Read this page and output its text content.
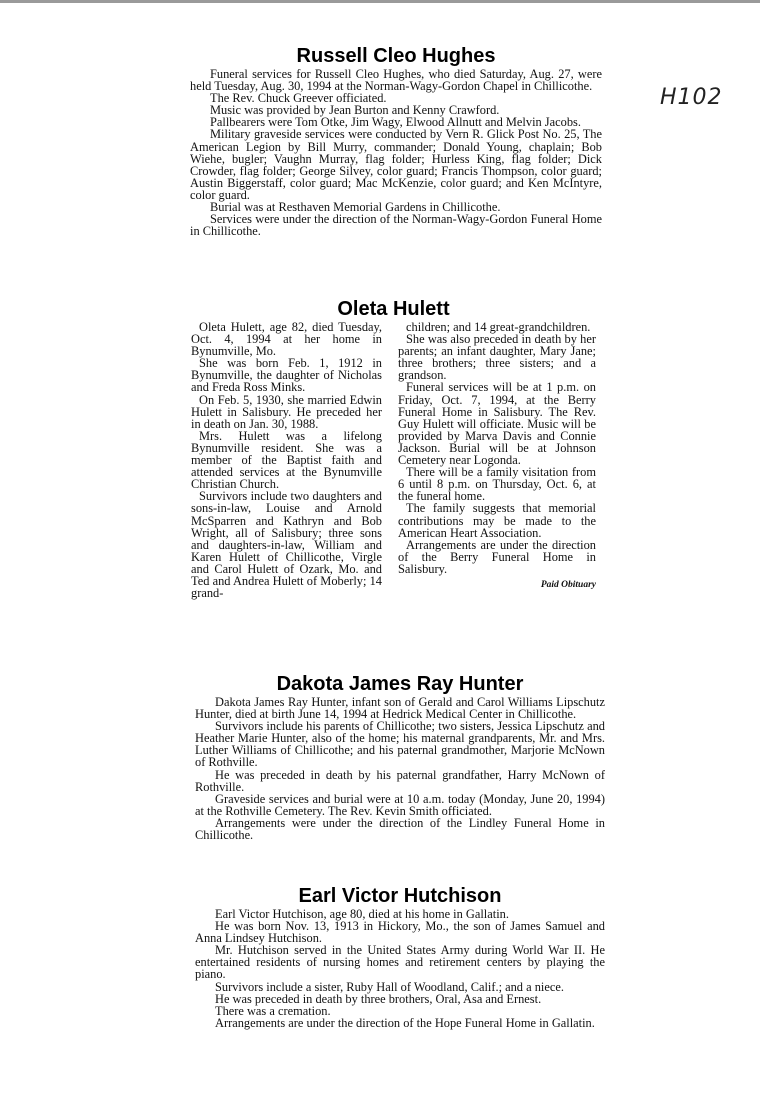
H102
Russell Cleo Hughes

Funeral services for Russell Cleo Hughes, who died Saturday, Aug. 27, were held Tuesday, Aug. 30, 1994 at the Norman-Wagy-Gordon Chapel in Chillicothe.

The Rev. Chuck Greever officiated.

Music was provided by Jean Burton and Kenny Crawford.

Pallbearers were Tom Otke, Jim Wagy, Elwood Allnutt and Melvin Jacobs.

Military graveside services were conducted by Vern R. Glick Post No. 25, The American Legion by Bill Murry, commander; Donald Young, chaplain; Bob Wiehe, bugler; Vaughn Murray, flag folder; Hurless King, flag folder; Dick Crowder, flag folder; George Silvey, color guard; Francis Thompson, color guard; Austin Biggerstaff, color guard; Mac McKenzie, color guard; and Ken McIntyre, color guard.

Burial was at Resthaven Memorial Gardens in Chillicothe.

Services were under the direction of the Norman-Wagy-Gordon Funeral Home in Chillicothe.

Oleta Hulett

Oleta Hulett, age 82, died Tuesday, Oct. 4, 1994 at her home in Bynumville, Mo.

She was born Feb. 1, 1912 in Bynumville, the daughter of Nicholas and Freda Ross Minks.

On Feb. 5, 1930, she married Edwin Hulett in Salisbury. He preceded her in death on Jan. 30, 1988.

Mrs. Hulett was a lifelong Bynumville resident. She was a member of the Baptist faith and attended services at the Bynumville Christian Church.

Survivors include two daughters and sons-in-law, Louise and Arnold McSparren and Kathryn and Bob Wright, all of Salisbury; three sons and daughters-in-law, William and Karen Hulett of Chillicothe, Virgle and Carol Hulett of Ozark, Mo. and Ted and Andrea Hulett of Moberly; 14 grand-

children; and 14 great-grandchildren.

She was also preceded in death by her parents; an infant daughter, Mary Jane; three brothers; three sisters; and a grandson.

Funeral services will be at 1 p.m. on Friday, Oct. 7, 1994, at the Berry Funeral Home in Salisbury. The Rev. Guy Hulett will officiate. Music will be provided by Marva Davis and Connie Jackson. Burial will be at Johnson Cemetery near Logonda.

There will be a family visitation from 6 until 8 p.m. on Thursday, Oct. 6, at the funeral home.

The family suggests that memorial contributions may be made to the American Heart Association.

Arrangements are under the direction of the Berry Funeral Home in Salisbury.

Paid Obituary
Dakota James Ray Hunter

Dakota James Ray Hunter, infant son of Gerald and Carol Williams Lipschutz Hunter, died at birth June 14, 1994 at Hedrick Medical Center in Chillicothe.

Survivors include his parents of Chillicothe; two sisters, Jessica Lipschutz and Heather Marie Hunter, also of the home; his maternal grandparents, Mr. and Mrs. Luther Williams of Chillicothe; and his paternal grandmother, Marjorie McNown of Rothville.

He was preceded in death by his paternal grandfather, Harry McNown of Rothville.

Graveside services and burial were at 10 a.m. today (Monday, June 20, 1994) at the Rothville Cemetery. The Rev. Kevin Smith officiated.

Arrangements were under the direction of the Lindley Funeral Home in Chillicothe.

Earl Victor Hutchison

Earl Victor Hutchison, age 80, died at his home in Gallatin.

He was born Nov. 13, 1913 in Hickory, Mo., the son of James Samuel and Anna Lindsey Hutchison.

Mr. Hutchison served in the United States Army during World War II. He entertained residents of nursing homes and retirement centers by playing the piano.

Survivors include a sister, Ruby Hall of Woodland, Calif.; and a niece.

He was preceded in death by three brothers, Oral, Asa and Ernest.

There was a cremation.

Arrangements are under the direction of the Hope Funeral Home in Gallatin.
